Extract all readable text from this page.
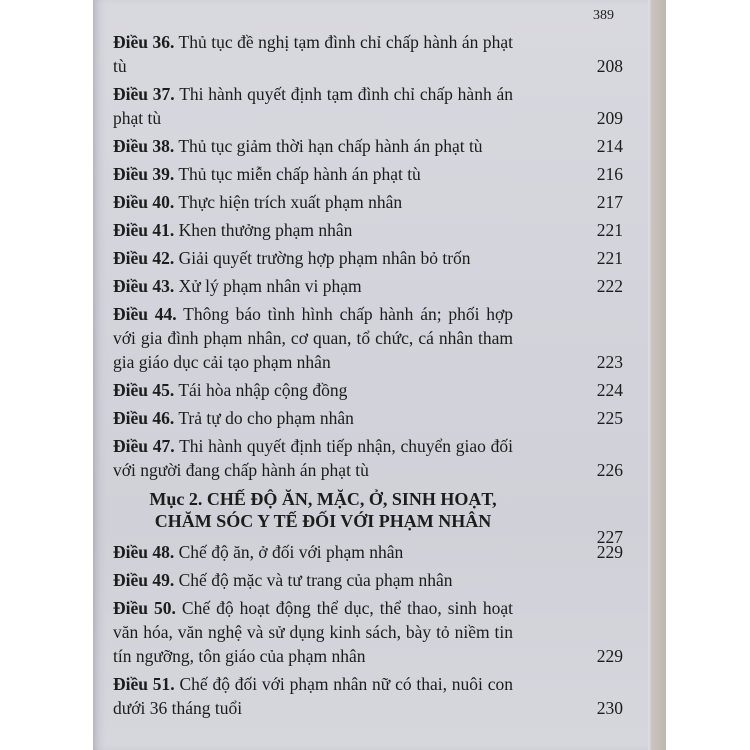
389
Điều 36. Thủ tục đề nghị tạm đình chỉ chấp hành án phạt tù	208
Điều 37. Thi hành quyết định tạm đình chỉ chấp hành án phạt tù	209
Điều 38. Thủ tục giảm thời hạn chấp hành án phạt tù	214
Điều 39. Thủ tục miễn chấp hành án phạt tù	216
Điều 40. Thực hiện trích xuất phạm nhân	217
Điều 41. Khen thưởng phạm nhân	221
Điều 42. Giải quyết trường hợp phạm nhân bỏ trốn	221
Điều 43. Xử lý phạm nhân vi phạm	222
Điều 44. Thông báo tình hình chấp hành án; phối hợp với gia đình phạm nhân, cơ quan, tổ chức, cá nhân tham gia giáo dục cải tạo phạm nhân	223
Điều 45. Tái hòa nhập cộng đồng	224
Điều 46. Trả tự do cho phạm nhân	225
Điều 47. Thi hành quyết định tiếp nhận, chuyển giao đối với người đang chấp hành án phạt tù	226
Mục 2. CHẾ ĐỘ ĂN, MẶC, Ở, SINH HOẠT,
CHĂM SÓC Y TẾ ĐỐI VỚI PHẠM NHÂN
227
Điều 48. Chế độ ăn, ở đối với phạm nhân	229
Điều 49. Chế độ mặc và tư trang của phạm nhân
Điều 50. Chế độ hoạt động thể dục, thể thao, sinh hoạt văn hóa, văn nghệ và sử dụng kinh sách, bày tỏ niềm tin tín ngưỡng, tôn giáo của phạm nhân	229
Điều 51. Chế độ đối với phạm nhân nữ có thai, nuôi con dưới 36 tháng tuổi	230
